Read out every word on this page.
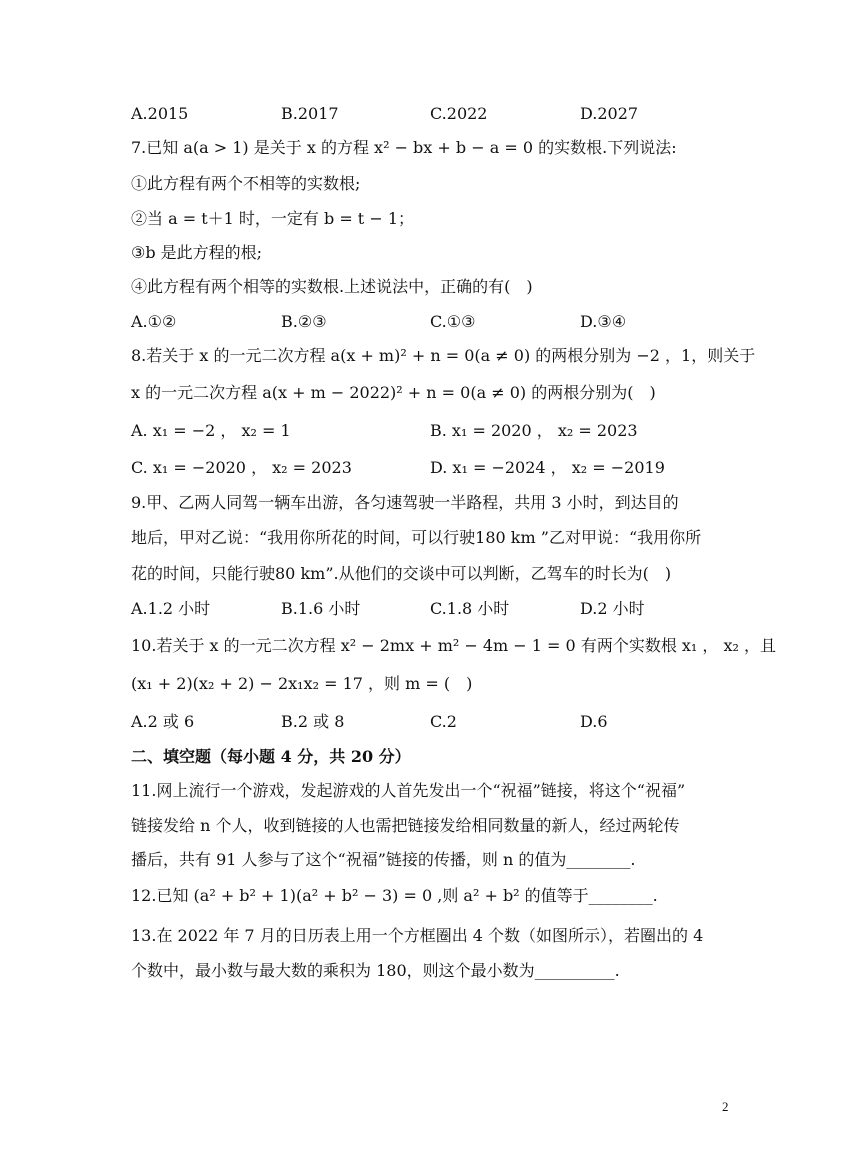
A.2015	B.2017	C.2022	D.2027
7.已知 a(a > 1) 是关于 x 的方程 x² − bx + b − a = 0 的实数根.下列说法:
①此方程有两个不相等的实数根;
②当 a = t＋1 时，一定有 b = t − 1；
③b 是此方程的根;
④此方程有两个相等的实数根.上述说法中，正确的有(　)
A.①②	B.②③	C.①③	D.③④
8.若关于 x 的一元二次方程 a(x + m)² + n = 0(a ≠ 0) 的两根分别为 −2 ，1，则关于
x 的一元二次方程 a(x + m − 2022)² + n = 0(a ≠ 0) 的两根分别为(　)
A. x₁ = −2 ， x₂ = 1	B. x₁ = 2020 ， x₂ = 2023
C. x₁ = −2020 ， x₂ = 2023	D. x₁ = −2024 ， x₂ = −2019
9.甲、乙两人同驾一辆车出游，各匀速驾驶一半路程，共用 3 小时，到达目的
地后，甲对乙说：“我用你所花的时间，可以行驶180 km ”乙对甲说：“我用你所
花的时间，只能行驶80 km”.从他们的交谈中可以判断，乙驾车的时长为(　)
A.1.2 小时	B.1.6 小时	C.1.8 小时	D.2 小时
10.若关于 x 的一元二次方程 x² − 2mx + m² − 4m − 1 = 0 有两个实数根 x₁ ， x₂ ，且
(x₁ + 2)(x₂ + 2) − 2x₁x₂ = 17 ，则 m = (　)
A.2 或 6	B.2 或 8	C.2	D.6
二、填空题（每小题 4 分，共 20 分）
11.网上流行一个游戏，发起游戏的人首先发出一个“祝福”链接，将这个“祝福”
链接发给 n 个人，收到链接的人也需把链接发给相同数量的新人，经过两轮传
播后，共有 91 人参与了这个“祝福”链接的传播，则 n 的值为________.
12.已知 (a² + b² + 1)(a² + b² − 3) = 0 ,则 a² + b² 的值等于________.
13.在 2022 年 7 月的日历表上用一个方框圈出 4 个数（如图所示），若圈出的 4
个数中，最小数与最大数的乘积为 180，则这个最小数为__________.
2
